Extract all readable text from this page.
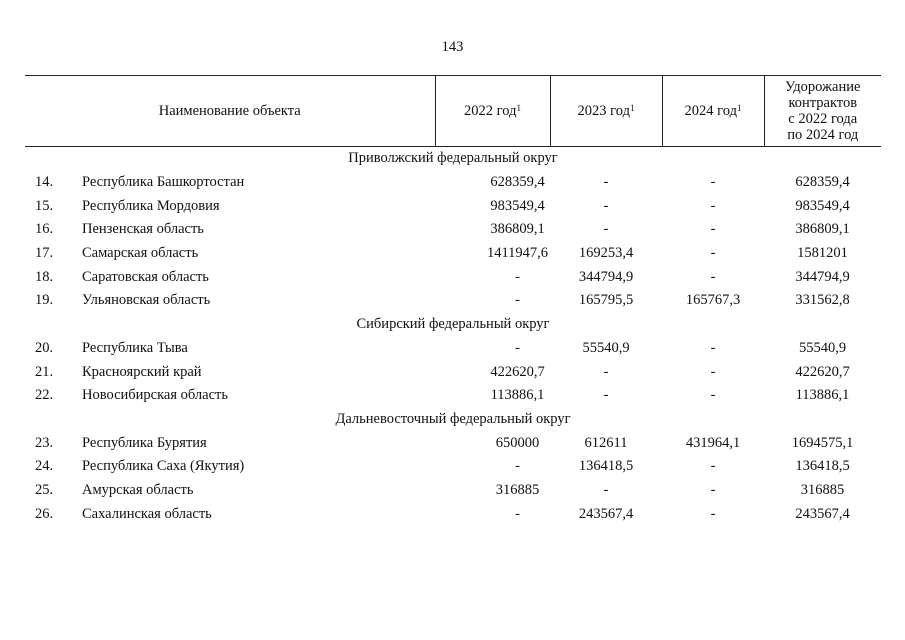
143
Наименование объекта	2022 год$^1$	2023 год$^1$	2024 год$^1$	Удорожание
контрактов
с 2022 года
по 2024 год
Приволжский федеральный округ				
14. Республика Башкортостан	628359,4	-	-	628359,4
15. Республика Мордовия	983549,4	-	-	983549,4
16. Пензенская область	386809,1	-	-	386809,1
17. Самарская область	1411947,6	169253,4	-	1581201
18. Саратовская область	-	344794,9	-	344794,9
19. Ульяновская область	-	165795,5	165767,3	331562,8
Сибирский федеральный округ				
20. Республика Тыва	-	55540,9	-	55540,9
21. Красноярский край	422620,7	-	-	422620,7
22. Новосибирская область	113886,1	-	-	113886,1
Дальневосточный федеральный округ				
23. Республика Бурятия	650000	612611	431964,1	1694575,1
24. Республика Саха (Якутия)	-	136418,5	-	136418,5
25. Амурская область	316885	-	-	316885
26. Сахалинская область	-	243567,4	-	243567,4
